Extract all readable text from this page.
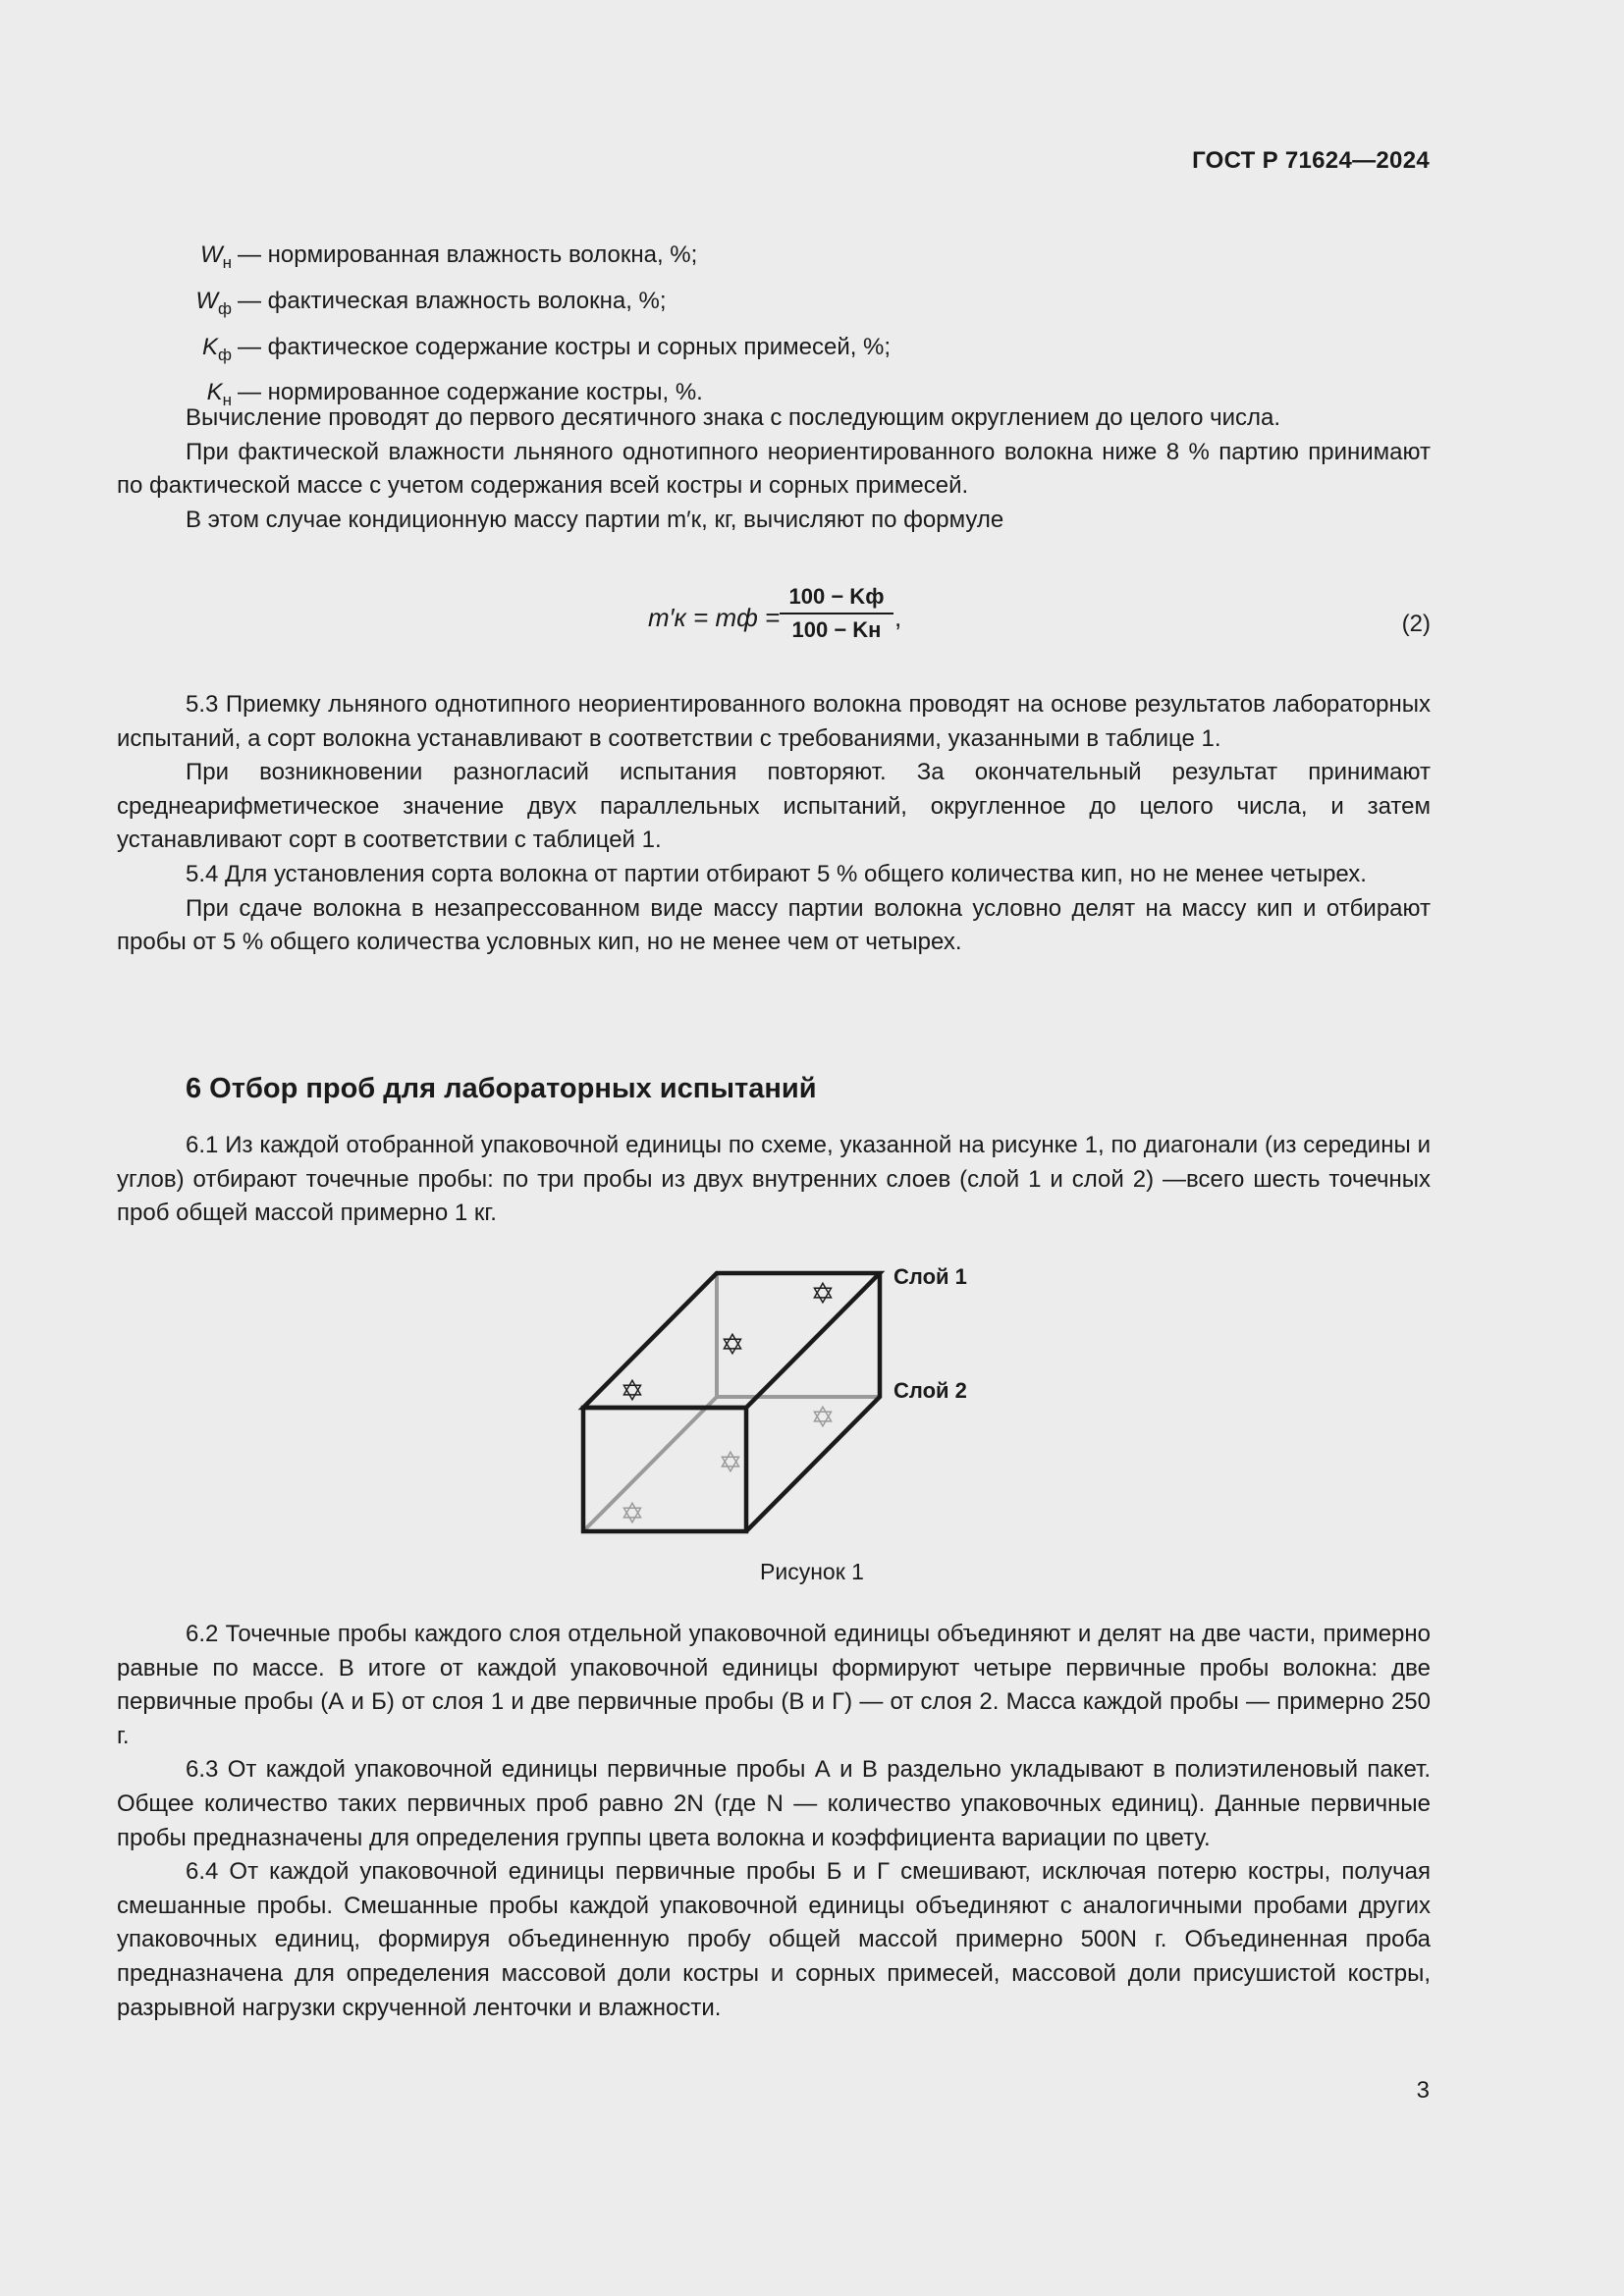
ГОСТ Р 71624—2024
$W_н$ — нормированная влажность волокна, %;
$W_ф$ — фактическая влажность волокна, %;
$K_ф$ — фактическое содержание костры и сорных примесей, %;
$K_н$ — нормированное содержание костры, %.

Вычисление проводят до первого десятичного знака с последующим округлением до целого числа.

При фактической влажности льняного однотипного неориентированного волокна ниже 8 % партию принимают по фактической массе с учетом содержания всей костры и сорных примесей.

В этом случае кондиционную массу партии m′к, кг, вычисляют по формуле

m′к = mф =
100 − Kф
100 − Kн ,	(2)

5.3 Приемку льняного однотипного неориентированного волокна проводят на основе результатов лабораторных испытаний, а сорт волокна устанавливают в соответствии с требованиями, указанными в таблице 1.

При возникновении разногласий испытания повторяют. За окончательный результат принимают среднеарифметическое значение двух параллельных испытаний, округленное до целого числа, и затем устанавливают сорт в соответствии с таблицей 1.

5.4 Для установления сорта волокна от партии отбирают 5 % общего количества кип, но не менее четырех.

При сдаче волокна в незапрессованном виде массу партии волокна условно делят на массу кип и отбирают пробы от 5 % общего количества условных кип, но не менее чем от четырех.

6 Отбор проб для лабораторных испытаний

6.1 Из каждой отобранной упаковочной единицы по схеме, указанной на рисунке 1, по диагонали (из середины и углов) отбирают точечные пробы: по три пробы из двух внутренних слоев (слой 1 и слой 2) —всего шесть точечных проб общей массой примерно 1 кг.

✡
✡
✡
✡
✡
✡
Слой 1
Слой 2
Рисунок 1

6.2 Точечные пробы каждого слоя отдельной упаковочной единицы объединяют и делят на две части, примерно равные по массе. В итоге от каждой упаковочной единицы формируют четыре первичные пробы волокна: две первичные пробы (А и Б) от слоя 1 и две первичные пробы (В и Г) — от слоя 2. Масса каждой пробы — примерно 250 г.

6.3 От каждой упаковочной единицы первичные пробы А и В раздельно укладывают в полиэтиленовый пакет. Общее количество таких первичных проб равно 2N (где N — количество упаковочных единиц). Данные первичные пробы предназначены для определения группы цвета волокна и коэффициента вариации по цвету.

6.4 От каждой упаковочной единицы первичные пробы Б и Г смешивают, исключая потерю костры, получая смешанные пробы. Смешанные пробы каждой упаковочной единицы объединяют с аналогичными пробами других упаковочных единиц, формируя объединенную пробу общей массой примерно 500N г. Объединенная проба предназначена для определения массовой доли костры и сорных примесей, массовой доли присушистой костры, разрывной нагрузки скрученной ленточки и влажности.

3
